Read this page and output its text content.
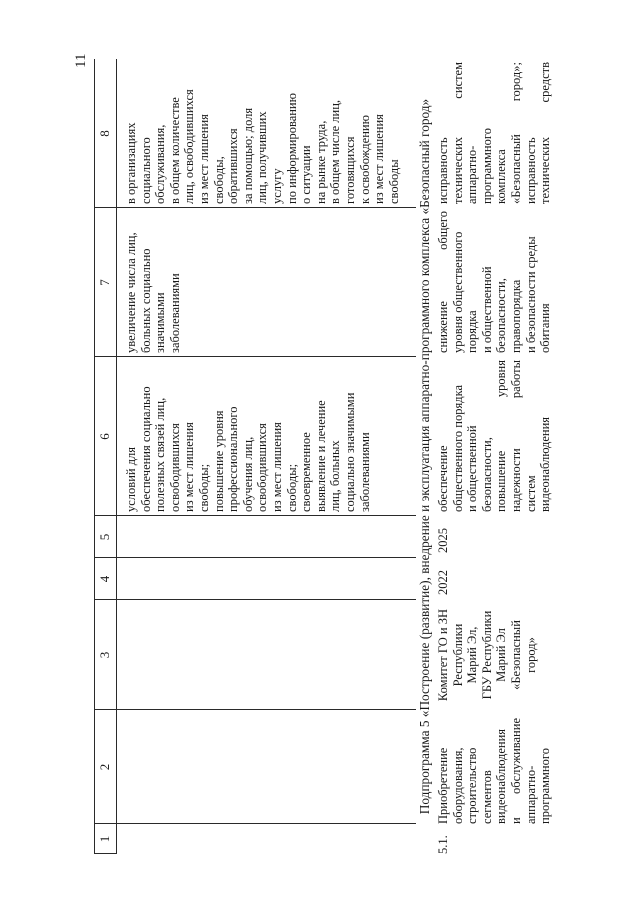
11
1
2
3
4
5
6
7
8
условий для обеспечения социально полезных связей лиц, освободившихся из мест лишения свободы; повышение уровня профессионального обучения лиц, освободившихся из мест лишения свободы; своевременное выявление и лечение лиц, больных социально значимыми заболеваниями
увеличение числа лиц, больных социально значимыми заболеваниями
в организациях социального обслуживания, в общем количестве лиц, освободившихся из мест лишения свободы, обратившихся за помощью; доля лиц, получивших услугу по информированию о ситуации на рынке труда, в общем числе лиц, готовящихся к освобождению из мест лишения свободы Подпрограмма 5 «Построение (развитие), внедрение и эксплуатация аппаратно-программного комплекса «Безопасный город»
5.1.
Приобретение оборудования, строительство сегментов видеонаблюдения и
обслуживание
аппаратно- программного
Комитет ГО и ЗН Республики Марий Эл, ГБУ Республики Марий Эл «Безопасный город»
2022
2025
обеспечение общественного порядка и общественной безопасности, повышение
уровня
надежности
работы
систем видеонаблюдения
снижение
общего
уровня общественного порядка и общественной безопасности, правопорядка и безопасности среды обитания
исправность технических
систем
аппаратно- программного комплекса «Безопасный
город»;
исправность технических
средств
